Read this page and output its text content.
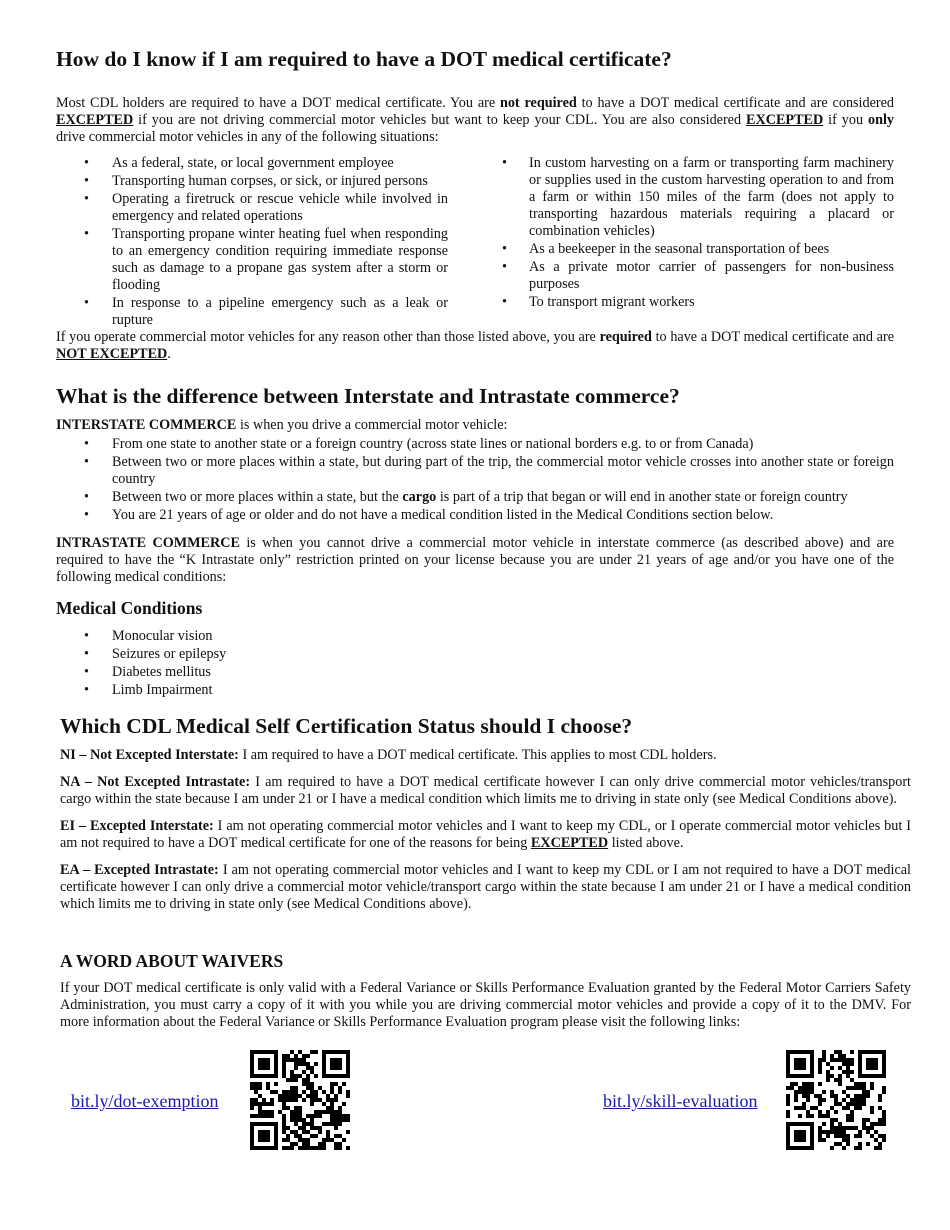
How do I know if I am required to have a DOT medical certificate?

Most CDL holders are required to have a DOT medical certificate. You are not required to have a DOT medical certificate and are considered EXCEPTED if you are not driving commercial motor vehicles but want to keep your CDL. You are also considered EXCEPTED if you only drive commercial motor vehicles in any of the following situations:

• As a federal, state, or local government employee
• Transporting human corpses, or sick, or injured persons
• Operating a firetruck or rescue vehicle while involved in emergency and related operations
• Transporting propane winter heating fuel when responding to an emergency condition requiring immediate response such as damage to a propane gas system after a storm or flooding
• In response to a pipeline emergency such as a leak or rupture
• In custom harvesting on a farm or transporting farm machinery or supplies used in the custom harvesting operation to and from a farm or within 150 miles of the farm (does not apply to transporting hazardous materials requiring a placard or combination vehicles)
• As a beekeeper in the seasonal transportation of bees
• As a private motor carrier of passengers for non-business purposes
• To transport migrant workers

If you operate commercial motor vehicles for any reason other than those listed above, you are required to have a DOT medical certificate and are NOT EXCEPTED.

What is the difference between Interstate and Intrastate commerce?

INTERSTATE COMMERCE is when you drive a commercial motor vehicle:

• From one state to another state or a foreign country (across state lines or national borders e.g. to or from Canada)
• Between two or more places within a state, but during part of the trip, the commercial motor vehicle crosses into another state or foreign country
• Between two or more places within a state, but the cargo is part of a trip that began or will end in another state or foreign country
• You are 21 years of age or older and do not have a medical condition listed in the Medical Conditions section below.

INTRASTATE COMMERCE is when you cannot drive a commercial motor vehicle in interstate commerce (as described above) and are required to have the “K Intrastate only” restriction printed on your license because you are under 21 years of age and/or you have one of the following medical conditions:

Medical Conditions
• Monocular vision
• Seizures or epilepsy
• Diabetes mellitus
• Limb Impairment
Which CDL Medical Self Certification Status should I choose?

NI – Not Excepted Interstate: I am required to have a DOT medical certificate. This applies to most CDL holders.

NA – Not Excepted Intrastate: I am required to have a DOT medical certificate however I can only drive commercial motor vehicles/transport cargo within the state because I am under 21 or I have a medical condition which limits me to driving in state only (see Medical Conditions above).

EI – Excepted Interstate: I am not operating commercial motor vehicles and I want to keep my CDL, or I operate commercial motor vehicles but I am not required to have a DOT medical certificate for one of the reasons for being EXCEPTED listed above.

EA – Excepted Intrastate: I am not operating commercial motor vehicles and I want to keep my CDL or I am not required to have a DOT medical certificate however I can only drive a commercial motor vehicle/transport cargo within the state because I am under 21 or I have a medical condition which limits me to driving in state only (see Medical Conditions above).

A WORD ABOUT WAIVERS

If your DOT medical certificate is only valid with a Federal Variance or Skills Performance Evaluation granted by the Federal Motor Carriers Safety Administration, you must carry a copy of it with you while you are driving commercial motor vehicles and provide a copy of it to the DMV. For more information about the Federal Variance or Skills Performance Evaluation program please visit the following links:

bit.ly/dot-exemption	bit.ly/skill-evaluation
